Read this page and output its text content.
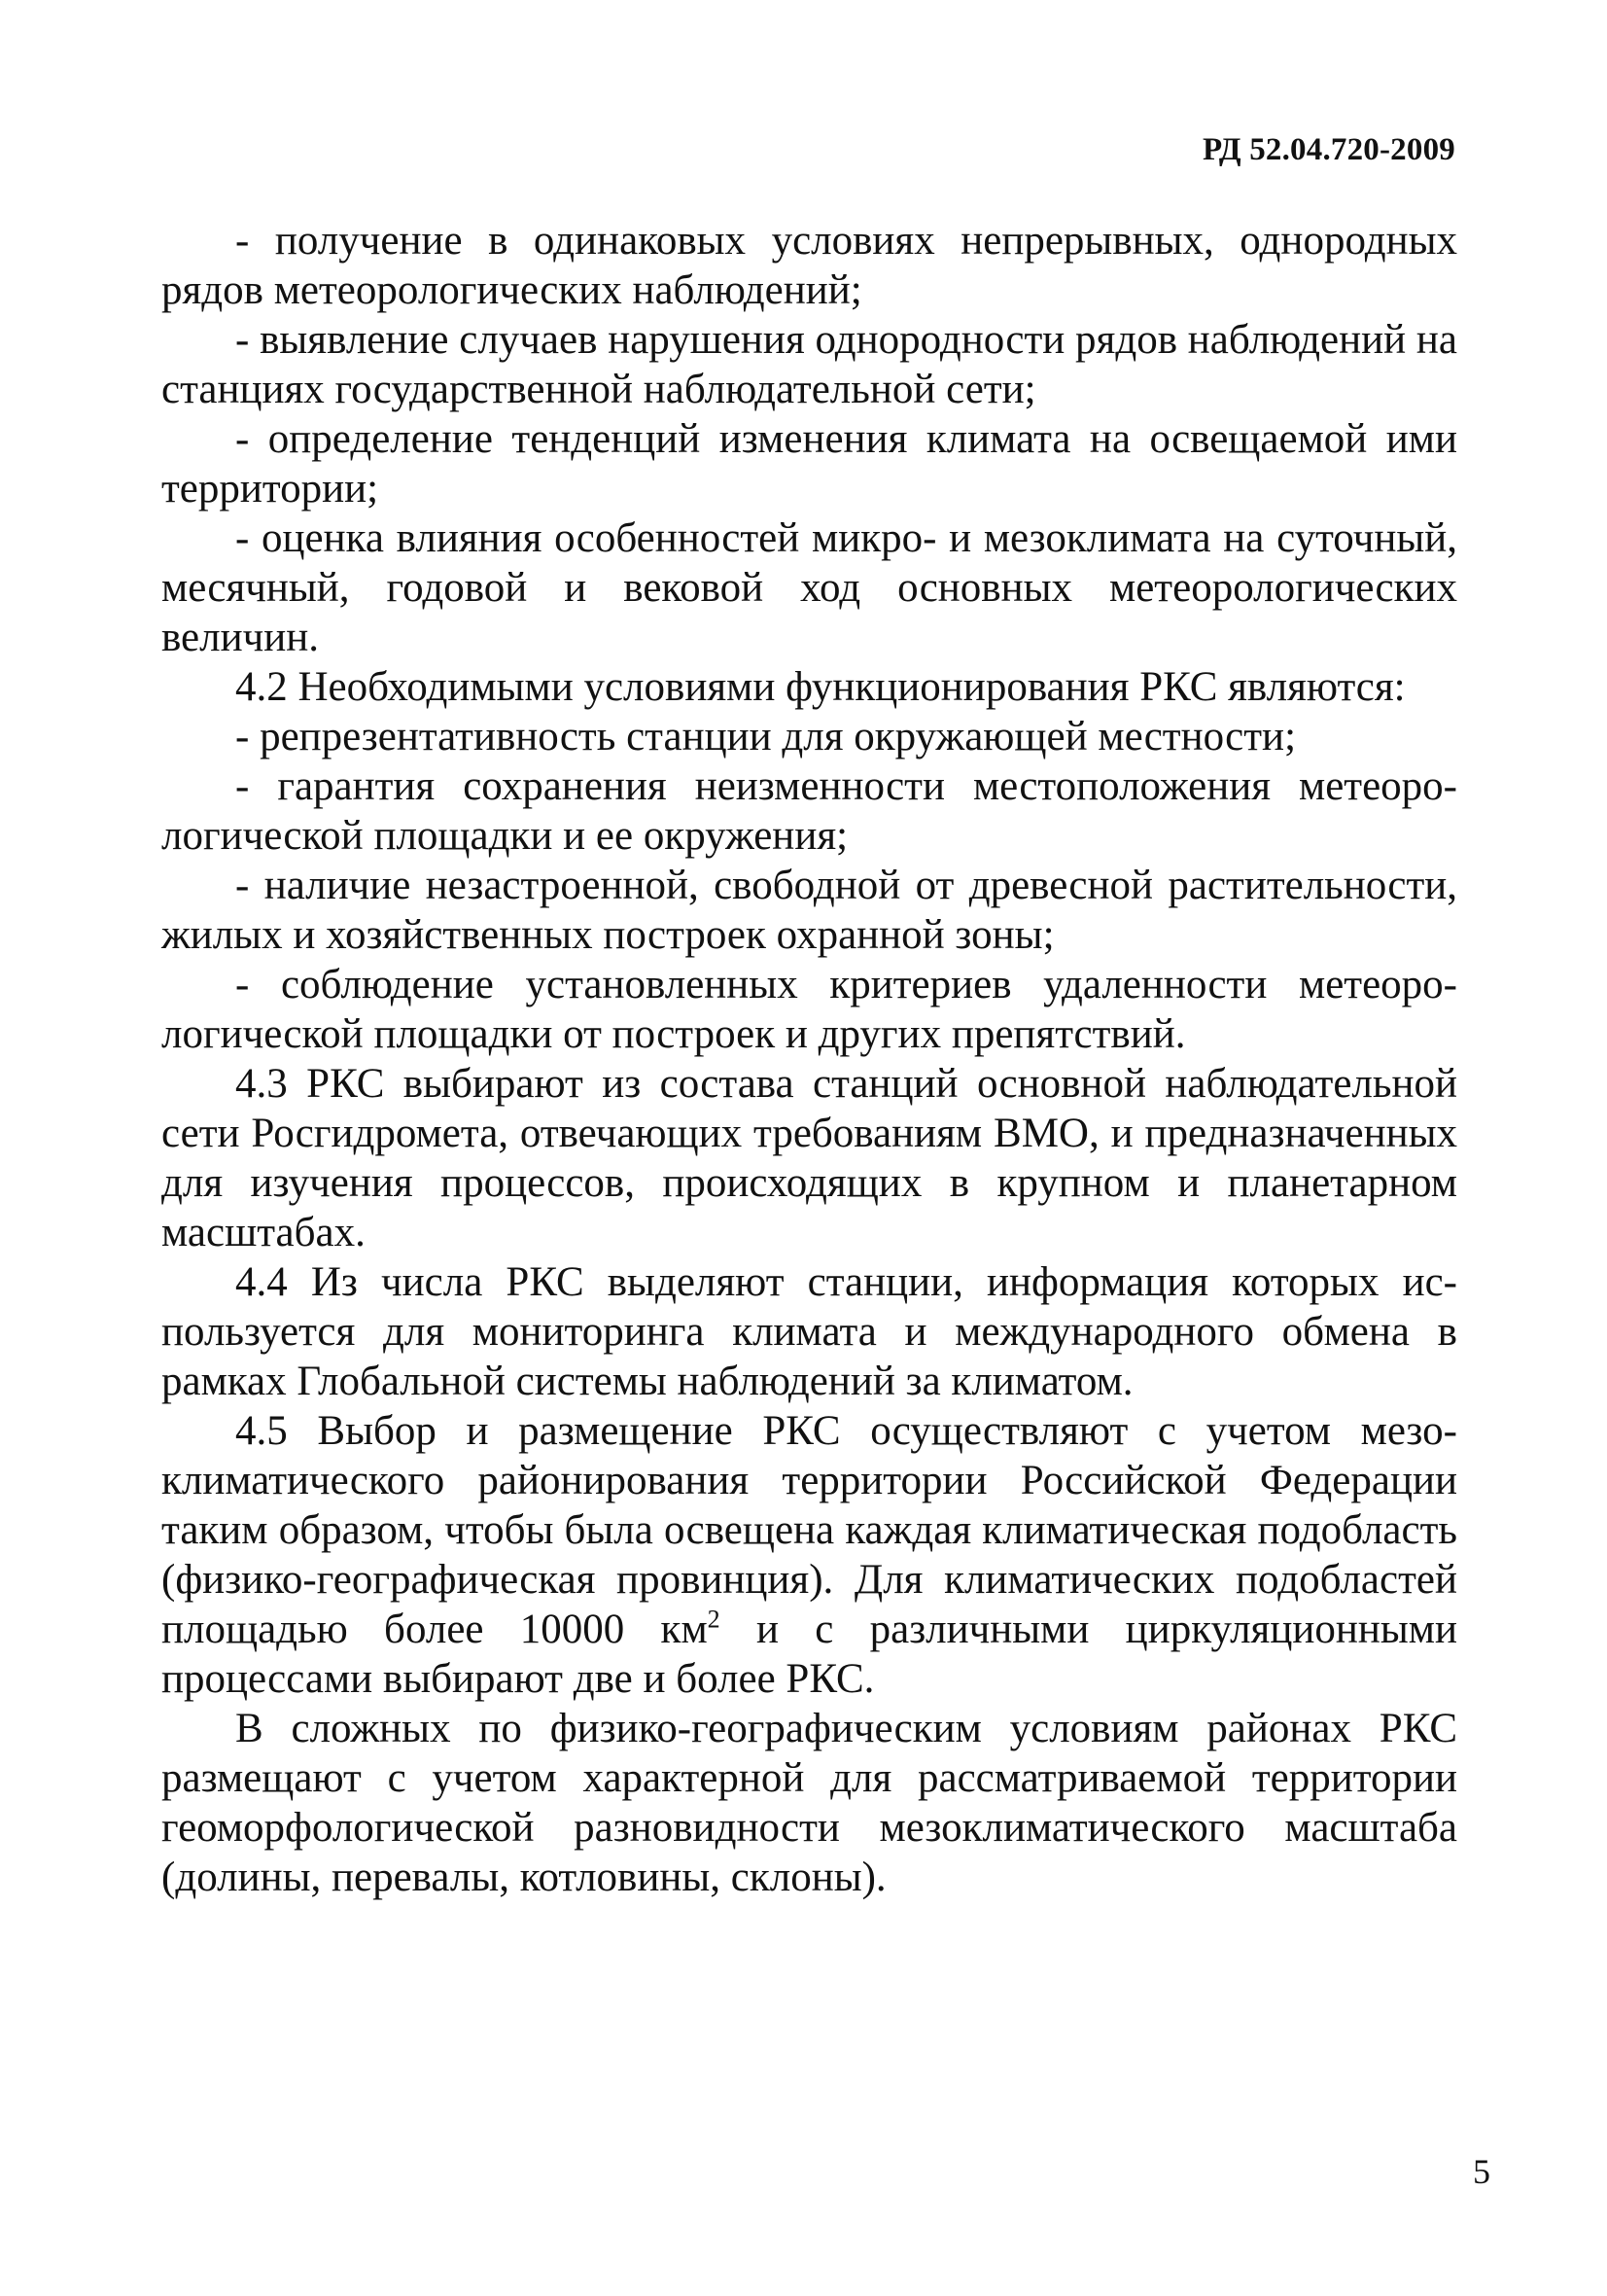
РД 52.04.720-2009

- получение в одинаковых условиях непрерывных, однородных рядов метеорологических наблюдений;

- выявление случаев нарушения однородности рядов наблюдений на станциях государственной наблюдательной сети;

- определение тенденций изменения климата на освещаемой ими территории;

- оценка влияния особенностей микро- и мезоклимата на суточный, месячный, годовой и вековой ход основных метеорологических величин.

4.2 Необходимыми условиями функционирования РКС являются:

- репрезентативность станции для окружающей местности;

- гарантия сохранения неизменности местоположения метеорологической площадки и ее окружения;

- наличие незастроенной, свободной от древесной растительности, жилых и хозяйственных построек охранной зоны;

- соблюдение установленных критериев удаленности метеорологической площадки от построек и других препятствий.

4.3 РКС выбирают из состава станций основной наблюдательной сети Росгидромета, отвечающих требованиям ВМО, и предназначенных для изучения процессов, происходящих в крупном и планетарном масштабах.

4.4 Из числа РКС выделяют станции, информация которых используется для мониторинга климата и международного обмена в рамках Глобальной системы наблюдений за климатом.

4.5 Выбор и размещение РКС осуществляют с учетом мезоклиматического районирования территории Российской Федерации таким образом, чтобы была освещена каждая климатическая подобласть (физико-географическая провинция). Для климатических подобластей площадью более 10000 $км^2$ и с различными циркуляционными процессами выбирают две и более РКС.

В сложных по физико-географическим условиям районах РКС размещают с учетом характерной для рассматриваемой территории геоморфологической разновидности мезоклиматического масштаба (долины, перевалы, котловины, склоны).

5
